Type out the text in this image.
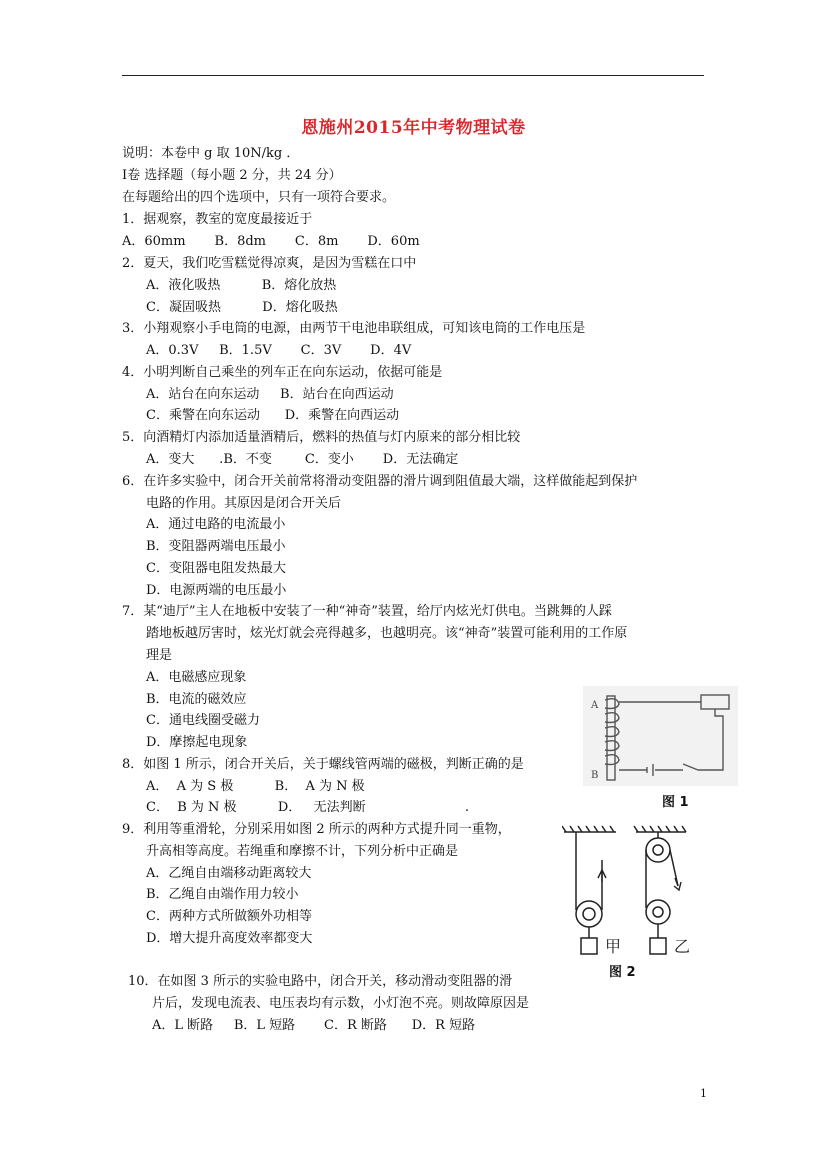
恩施州2015年中考物理试卷
说明：本卷中 g 取 10N/kg ．
Ⅰ卷 选择题（每小题 2 分，共 24 分）
在每题给出的四个选项中，只有一项符合要求。
1．据观察，教室的宽度最接近于
A．60mm       B．8dm       C．8m       D．60m
2．夏天，我们吃雪糕觉得凉爽，是因为雪糕在口中
A．液化吸热          B．熔化放热
C．凝固吸热          D．熔化吸热
3．小翔观察小手电筒的电源，由两节干电池串联组成，可知该电筒的工作电压是
A．0.3V     B．1.5V       C．3V       D．4V
4．小明判断自己乘坐的列车正在向东运动，依据可能是
A．站台在向东运动     B．站台在向西运动
C．乘警在向东运动      D．乘警在向西运动
5．向酒精灯内添加适量酒精后，燃料的热值与灯内原来的部分相比较
A．变大      .B．不变        C．变小       D．无法确定
6．在许多实验中，闭合开关前常将滑动变阻器的滑片调到阻值最大端，这样做能起到保护
电路的作用。其原因是闭合开关后
A．通过电路的电流最小
B．变阻器两端电压最小
C．变阻器电阻发热最大
D．电源两端的电压最小
7．某“迪厅”主人在地板中安装了一种“神奇”装置，给厅内炫光灯供电。当跳舞的人踩
踏地板越厉害时，炫光灯就会亮得越多，也越明亮。该“神奇”装置可能利用的工作原
理是
A．电磁感应现象
B．电流的磁效应
C．通电线圈受磁力
D．摩擦起电现象
8．如图 1 所示，闭合开关后，关于螺线管两端的磁极，判断正确的是
A．  A 为 S 极          B．  A 为 N 极
C．  B 为 N 极          D．   无法判断                        .
9．利用等重滑轮，分别采用如图 2 所示的两种方式提升同一重物，
升高相等高度。若绳重和摩擦不计，下列分析中正确是
A．乙绳自由端移动距离较大
B．乙绳自由端作用力较小
C．两种方式所做额外功相等
D．增大提升高度效率都变大
10．在如图 3 所示的实验电路中，闭合开关，移动滑动变阻器的滑
片后，发现电流表、电压表均有示数，小灯泡不亮。则故障原因是
A．L 断路     B．L 短路       C．R 断路      D．R 短路
A
B
图 1
甲	乙
图 2
1
